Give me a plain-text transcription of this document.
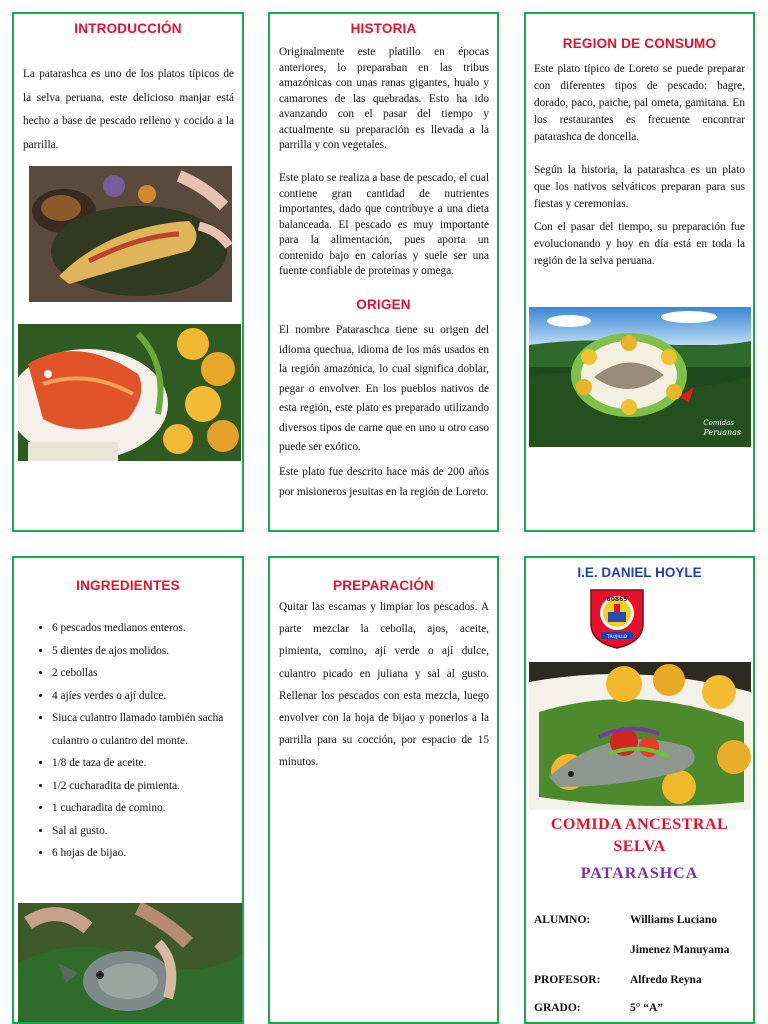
INTRODUCCIÓN
La patarashca es uno de los platos típicos de la selva peruana, este delicioso manjar está hecho a base de pescado relleno y cocido a la parrilla.
HISTORIA
Originalmente este platillo en épocas anteriores, lo preparaban en las tribus amazónicas con unas ranas gigantes, hualo y camarones de las quebradas. Esto ha ido avanzando con el pasar del tiempo y actualmente su preparación es llevada a la parrilla y con vegetales.
Este plato se realiza a base de pescado, el cual contiene gran cantidad de nutrientes importantes, dado que contribuye a una dieta balanceada. El pescado es muy importante para la alimentación, pues aporta un contenido bajo en calorías y suele ser una fuente confiable de proteínas y omega.
ORIGEN
El nombre Pataraschca tiene su origen del idioma quechua, idioma de los más usados en la región amazónica, lo cual significa doblar, pegar o envolver. En los pueblos nativos de esta región, este plato es preparado utilizando diversos tipos de carne que en uno u otro caso puede ser exótico.
Este plato fue descrito hace más de 200 años por misioneros jesuitas en la región de Loreto.
REGION DE CONSUMO
Este plato típico de Loreto se puede preparar con diferentes tipos de pescado: bagre, dorado, paco, paiche, pal ometa, gamitana. En los restaurantes es frecuente encontrar patarashca de doncella.
Según la historia, la patarashca es un plato que los nativos selváticos preparan para sus fiestas y ceremonias.
Con el pasar del tiempo, su preparación fue evolucionando y hoy en día está en toda la región de la selva peruana.
Comidas
Peruanas
INGREDIENTES
• 6 pescados medianos enteros.
• 5 dientes de ajos molidos.
• 2 cebollas
• 4 ajíes verdes o ají dulce.
• Siuca culantro llamado también sacha culantro o culantro del monte.
• 1/8 de taza de aceite.
• 1/2 cucharadita de pimienta.
• 1 cucharadita de comino.
• Sal al gusto.
• 6 hojas de bijao.
PREPARACIÓN
Quitar las escamas y limpiar los pescados. A parte mezclar la cebolla, ajos, aceite, pimienta, comino, ají verde o ají dulce, culantro picado en juliana y sal al gusto. Rellenar los pescados con esta mezcla, luego envolver con la hoja de bijao y ponerlos a la parrilla para su cocción, por espacio de 15 minutos.
I.E. DANIEL HOYLE
80865
TRUJILLO
COMIDA ANCESTRAL SELVA
PATARASHCA
ALUMNO:	Williams Luciano
Jimenez Manuyama
PROFESOR:	Alfredo Reyna
GRADO:	5° “A”
